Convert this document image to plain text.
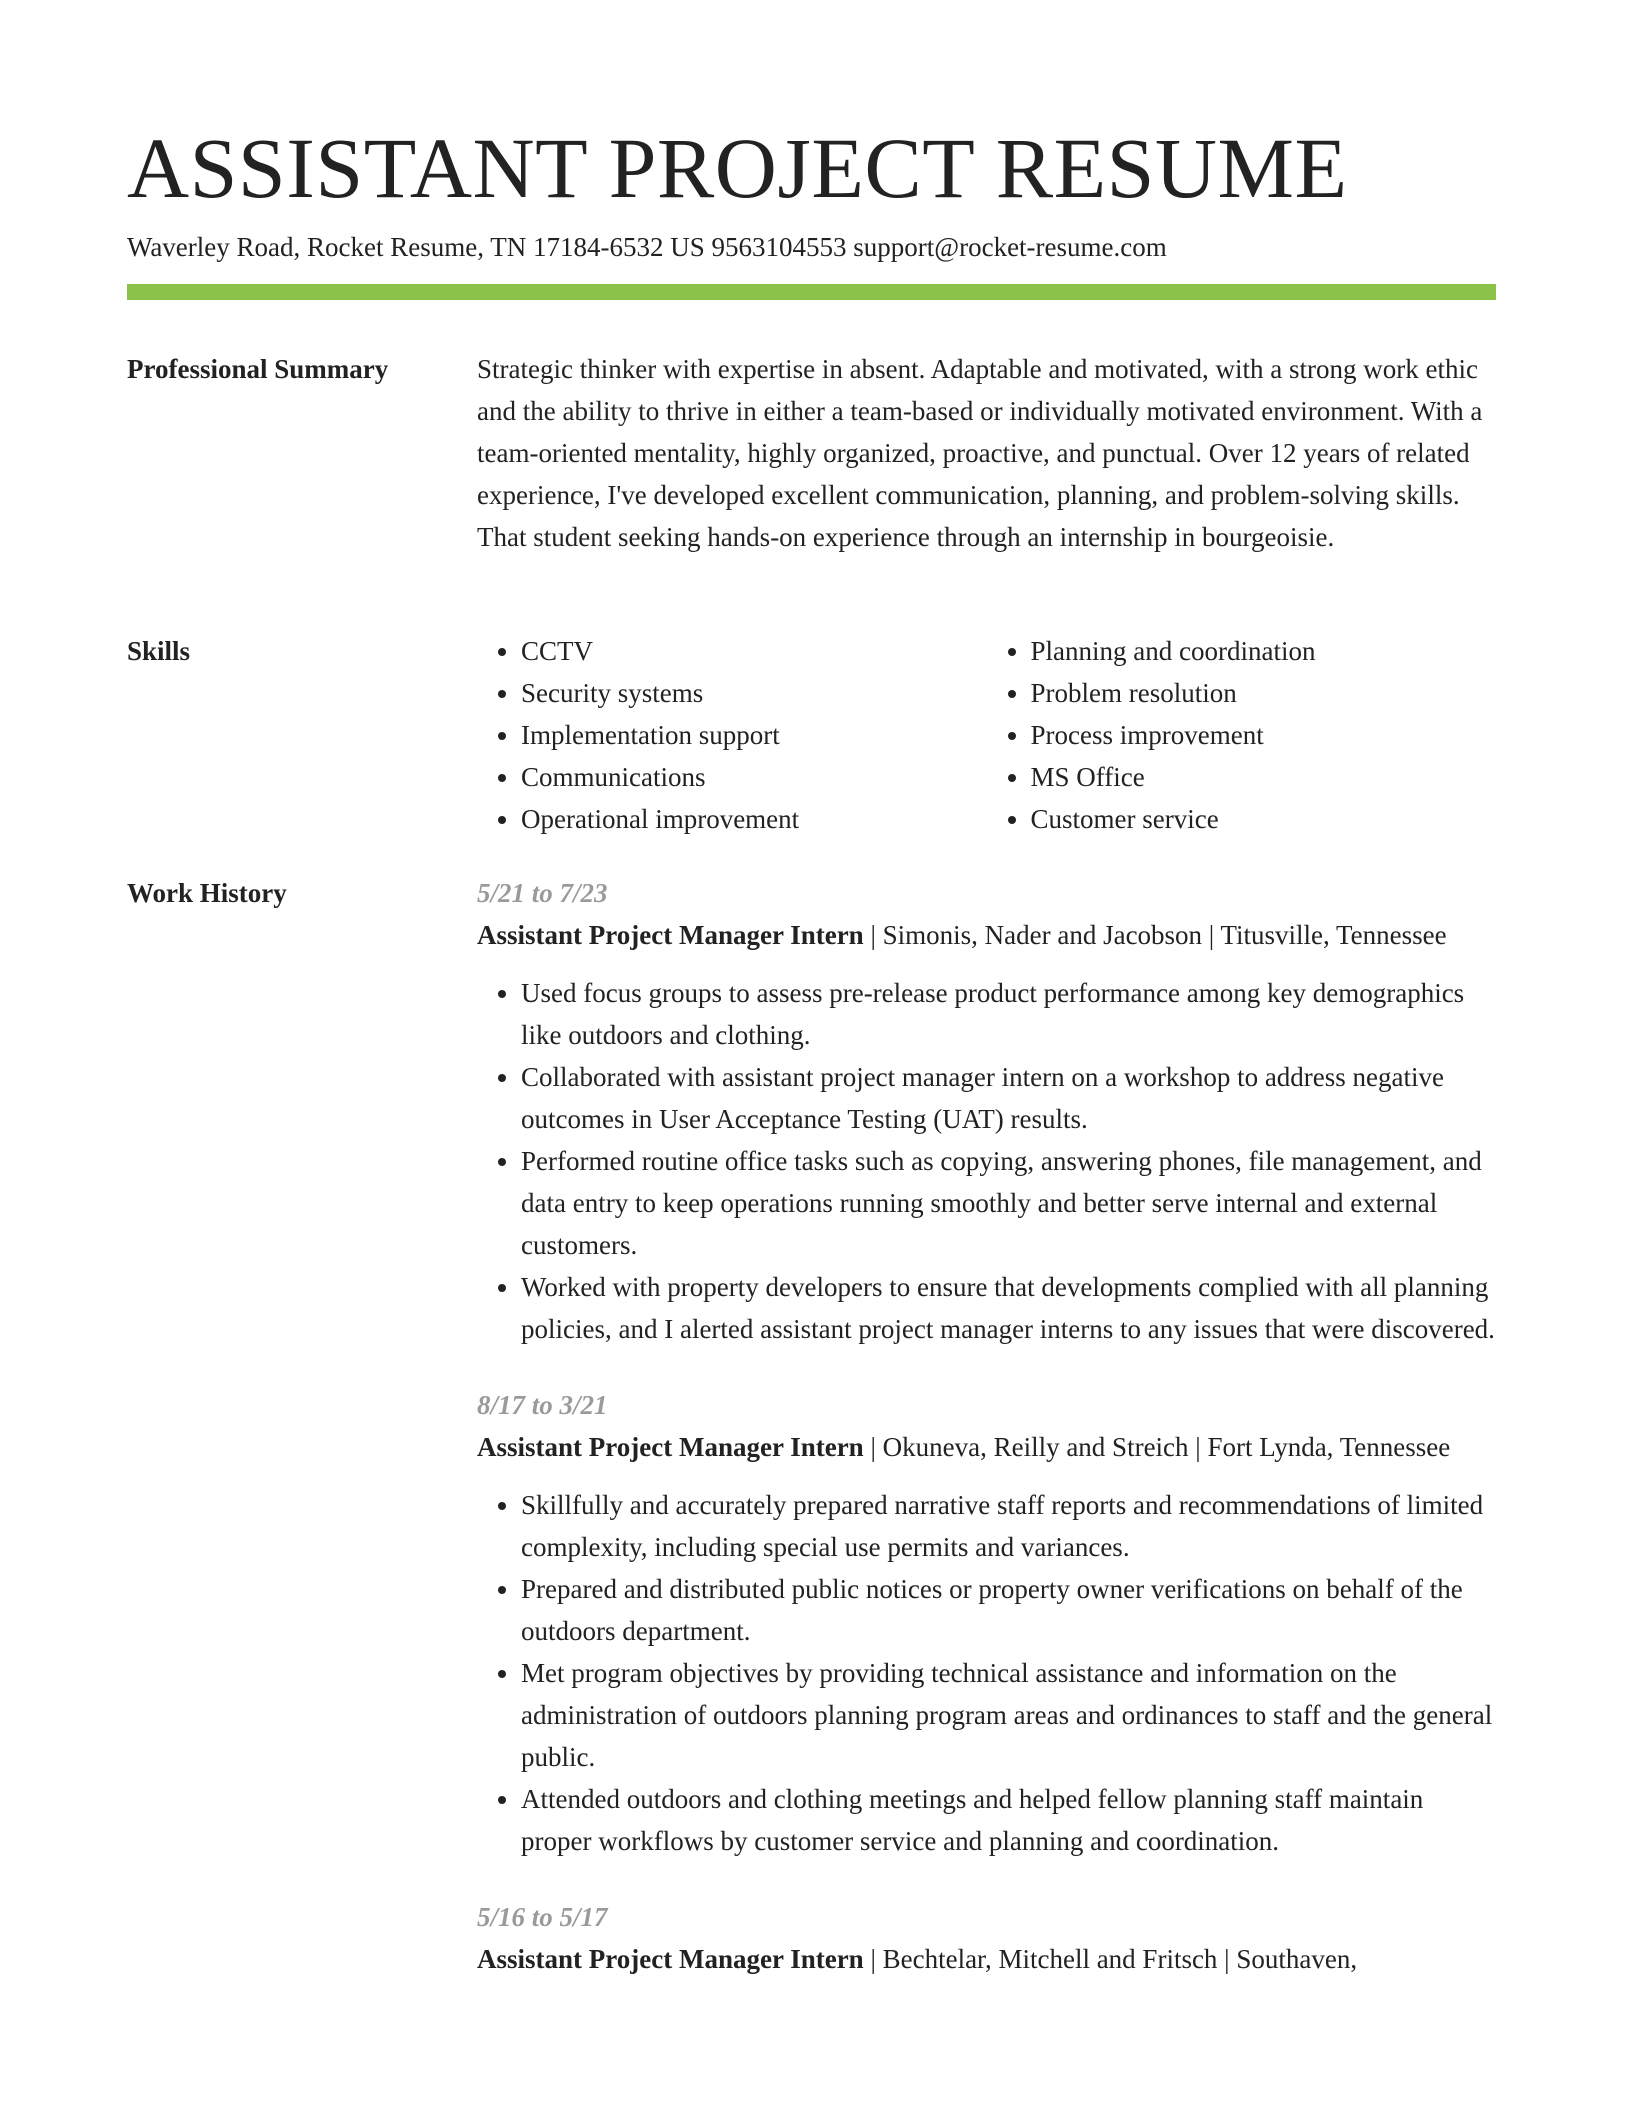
ASSISTANT PROJECT RESUME
Waverley Road, Rocket Resume, TN 17184-6532 US 9563104553 support@rocket-resume.com
Professional Summary	Strategic thinker with expertise in absent. Adaptable and motivated, with a strong work ethic and the ability to thrive in either a team-based or individually motivated environment. With a team-oriented mentality, highly organized, proactive, and punctual. Over 12 years of related experience, I've developed excellent communication, planning, and problem-solving skills. That student seeking hands-on experience through an internship in bourgeoisie.

Skills
•	CCTV
• Security systems
• Implementation support
• Communications
• Operational improvement
• Planning and coordination
• Problem resolution
• Process improvement
• MS Office
• Customer service
Work History	5/21 to 7/23
Assistant Project Manager Intern | Simonis, Nader and Jacobson | Titusville, Tennessee
• Used focus groups to assess pre-release product performance among key demographics like outdoors and clothing.
• Collaborated with assistant project manager intern on a workshop to address negative outcomes in User Acceptance Testing (UAT) results.
• Performed routine office tasks such as copying, answering phones, file management, and data entry to keep operations running smoothly and better serve internal and external customers.
• Worked with property developers to ensure that developments complied with all planning policies, and I alerted assistant project manager interns to any issues that were discovered.
8/17 to 3/21
Assistant Project Manager Intern | Okuneva, Reilly and Streich | Fort Lynda, Tennessee
• Skillfully and accurately prepared narrative staff reports and recommendations of limited complexity, including special use permits and variances.
• Prepared and distributed public notices or property owner verifications on behalf of the outdoors department.
• Met program objectives by providing technical assistance and information on the administration of outdoors planning program areas and ordinances to staff and the general public.
• Attended outdoors and clothing meetings and helped fellow planning staff maintain proper workflows by customer service and planning and coordination.
5/16 to 5/17
Assistant Project Manager Intern | Bechtelar, Mitchell and Fritsch | Southaven,
